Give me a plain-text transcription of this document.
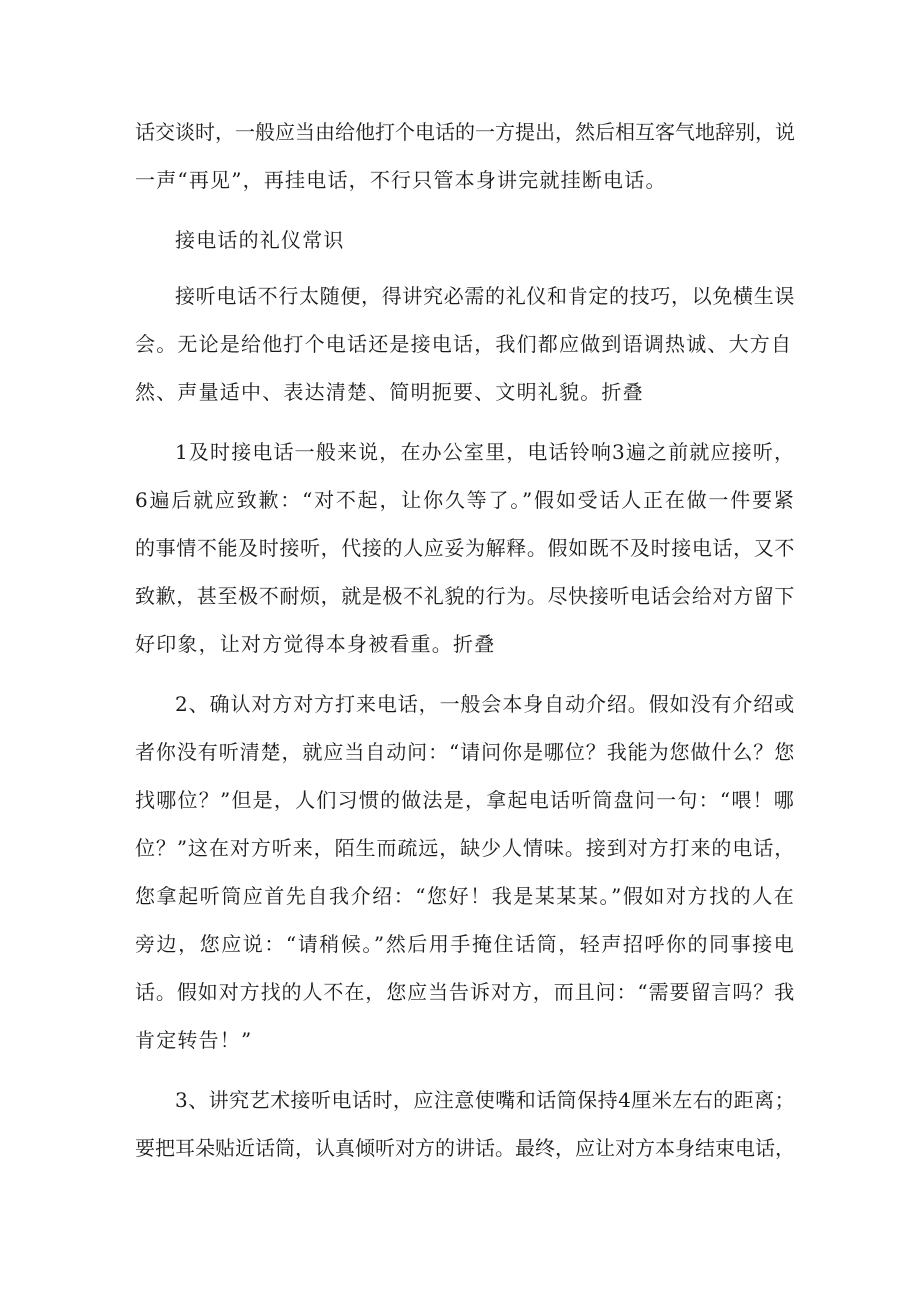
话交谈时，一般应当由给他打个电话的一方提出，然后相互客气地辞别，说
一声“再见”，再挂电话，不行只管本身讲完就挂断电话。
接电话的礼仪常识
接听电话不行太随便，得讲究必需的礼仪和肯定的技巧，以免横生误
会。无论是给他打个电话还是接电话，我们都应做到语调热诚、大方自
然、声量适中、表达清楚、简明扼要、文明礼貌。折叠
1及时接电话一般来说，在办公室里，电话铃响3遍之前就应接听，
6遍后就应致歉：“对不起，让你久等了。”假如受话人正在做一件要紧
的事情不能及时接听，代接的人应妥为解释。假如既不及时接电话，又不
致歉，甚至极不耐烦，就是极不礼貌的行为。尽快接听电话会给对方留下
好印象，让对方觉得本身被看重。折叠
2、确认对方对方打来电话，一般会本身自动介绍。假如没有介绍或
者你没有听清楚，就应当自动问：“请问你是哪位？我能为您做什么？您
找哪位？”但是，人们习惯的做法是，拿起电话听筒盘问一句：“喂！哪
位？”这在对方听来，陌生而疏远，缺少人情味。接到对方打来的电话，
您拿起听筒应首先自我介绍：“您好！我是某某某。”假如对方找的人在
旁边，您应说：“请稍候。”然后用手掩住话筒，轻声招呼你的同事接电
话。假如对方找的人不在，您应当告诉对方，而且问：“需要留言吗？我
肯定转告！”
3、讲究艺术接听电话时，应注意使嘴和话筒保持4厘米左右的距离；
要把耳朵贴近话筒，认真倾听对方的讲话。最终，应让对方本身结束电话，
